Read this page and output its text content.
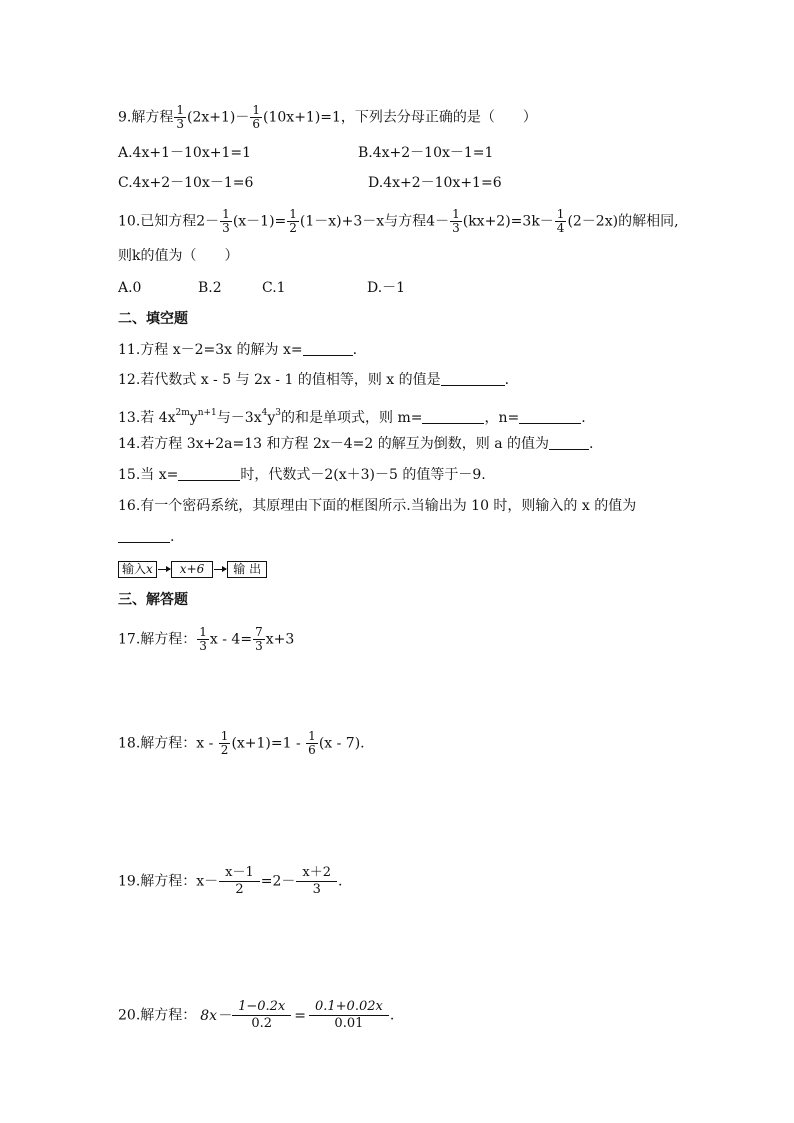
9.解方程 $\frac{1}{3} (2x+1)- \frac{1}{6} (10x+1)=1$，下列去分母正确的是（　　）
A.4x+1－10x+1=1	B.4x+2－10x－1=1
C.4x+2－10x－1=6	D.4x+2－10x+1=6
10.已知方程$2- \frac{1}{3} (x-1)= \frac{1}{2} (1-x)+3-x$与方程$4- \frac{1}{3} (kx+2)=3k- \frac{1}{4} (2-2x)$的解相同,
则k的值为（　　）
A.0	B.2	C.1	D.－1
二、填空题
11.方程 x－2=3x 的解为 x=	.
12.若代数式 x - 5 与 2x - 1 的值相等，则 x 的值是	.
13.若 $4x^{2m}y^{n+1}$与$-3x^4y^3$的和是单项式，则 m=	，n=	.
14.若方程 3x+2a=13 和方程 2x－4=2 的解互为倒数，则 a 的值为	.
15.当 x=	时，代数式－2(x＋3)－5 的值等于－9.
16.有一个密码系统，其原理由下面的框图所示.当输出为 10 时，则输入的 x 的值为
.
输入x x+6 输 出
三、解答题
17.解方程： $\frac{1}{3}$ $x - 4= \frac{7}{3} x+3$
18.解方程：$x - \frac{1}{2} (x+1)=1 - \frac{1}{6} (x - 7)$.
19.解方程：$x- \frac{x-1}{2} =2- \frac{x+2}{3}$ .
20.解方程： $8x- \frac{1-0.2x}{0.2} = \frac{0.1+0.02x}{0.01}$ .
